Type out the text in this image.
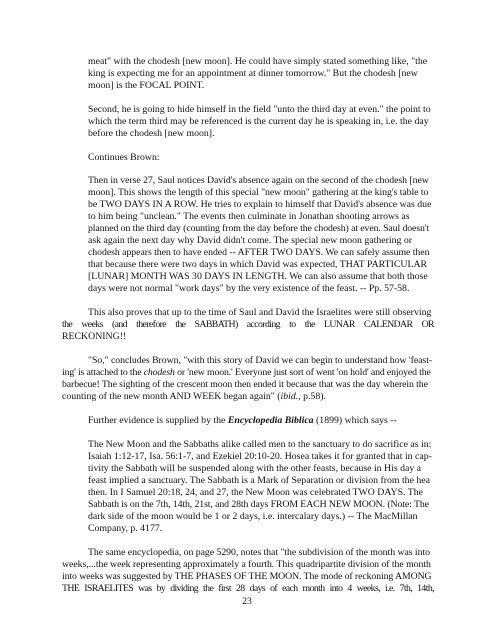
meat" with the chodesh [new moon]. He could have simply stated something like, "the
king is expecting me for an appointment at dinner tomorrow." But the chodesh [new
moon] is the FOCAL POINT.
Second, he is going to hide himself in the field "unto the third day at even." the point to
which the term third may be referenced is the current day he is speaking in, i.e. the day
before the chodesh [new moon].
Continues Brown:
Then in verse 27, Saul notices David's absence again on the second of the chodesh [new
moon]. This shows the length of this special "new moon" gathering at the king's table to
be TWO DAYS IN A ROW. He tries to explain to himself that David's absence was due
to him being "unclean." The events then culminate in Jonathan shooting arrows as
planned on the third day (counting from the day before the chodesh) at even. Saul doesn't
ask again the next day why David didn't come. The special new moon gathering or
chodesh appears then to have ended -- AFTER TWO DAYS. We can safely assume then
that because there were two days in which David was expected, THAT PARTICULAR
[LUNAR] MONTH WAS 30 DAYS IN LENGTH. We can also assume that both those
days were not normal "work days" by the very existence of the feast. -- Pp. 57-58.
This also proves that up to the time of Saul and David the Israelites were still observing
the weeks (and therefore the SABBATH) according to the LUNAR CALENDAR OR
RECKONING!!
"So," concludes Brown, "with this story of David we can begin to understand how 'feast-
ing' is attached to the chodesh or 'new moon.' Everyone just sort of went 'on hold' and enjoyed the
barbecue! The sighting of the crescent moon then ended it because that was the day wherein the
counting of the new month AND WEEK began again" (ibid., p.58).
Further evidence is supplied by the Encyclopedia Biblica (1899) which says --
The New Moon and the Sabbaths alike called men to the sanctuary to do sacrifice as in:
Isaiah 1:12-17, Isa. 56:1-7, and Ezekiel 20:10-20. Hosea takes it for granted that in cap-
tivity the Sabbath will be suspended along with the other feasts, because in His day a
feast implied a sanctuary. The Sabbath is a Mark of Separation or division from the hea
then. In I Samuel 20:18, 24, and 27, the New Moon was celebrated TWO DAYS. The
Sabbath is on the 7th, 14th, 21st, and 28th days FROM EACH NEW MOON. (Note: The
dark side of the moon would be 1 or 2 days, i.e. intercalary days.) -- The MacMillan
Company, p. 4177.
The same encyclopedia, on page 5290, notes that "the subdivision of the month was into
weeks,...the week representing approximately a fourth. This quadripartite division of the month
into weeks was suggested by THE PHASES OF THE MOON. The mode of reckoning AMONG
THE ISRAELITES was by dividing the first 28 days of each month into 4 weeks, i.e. 7th, 14th,
23
